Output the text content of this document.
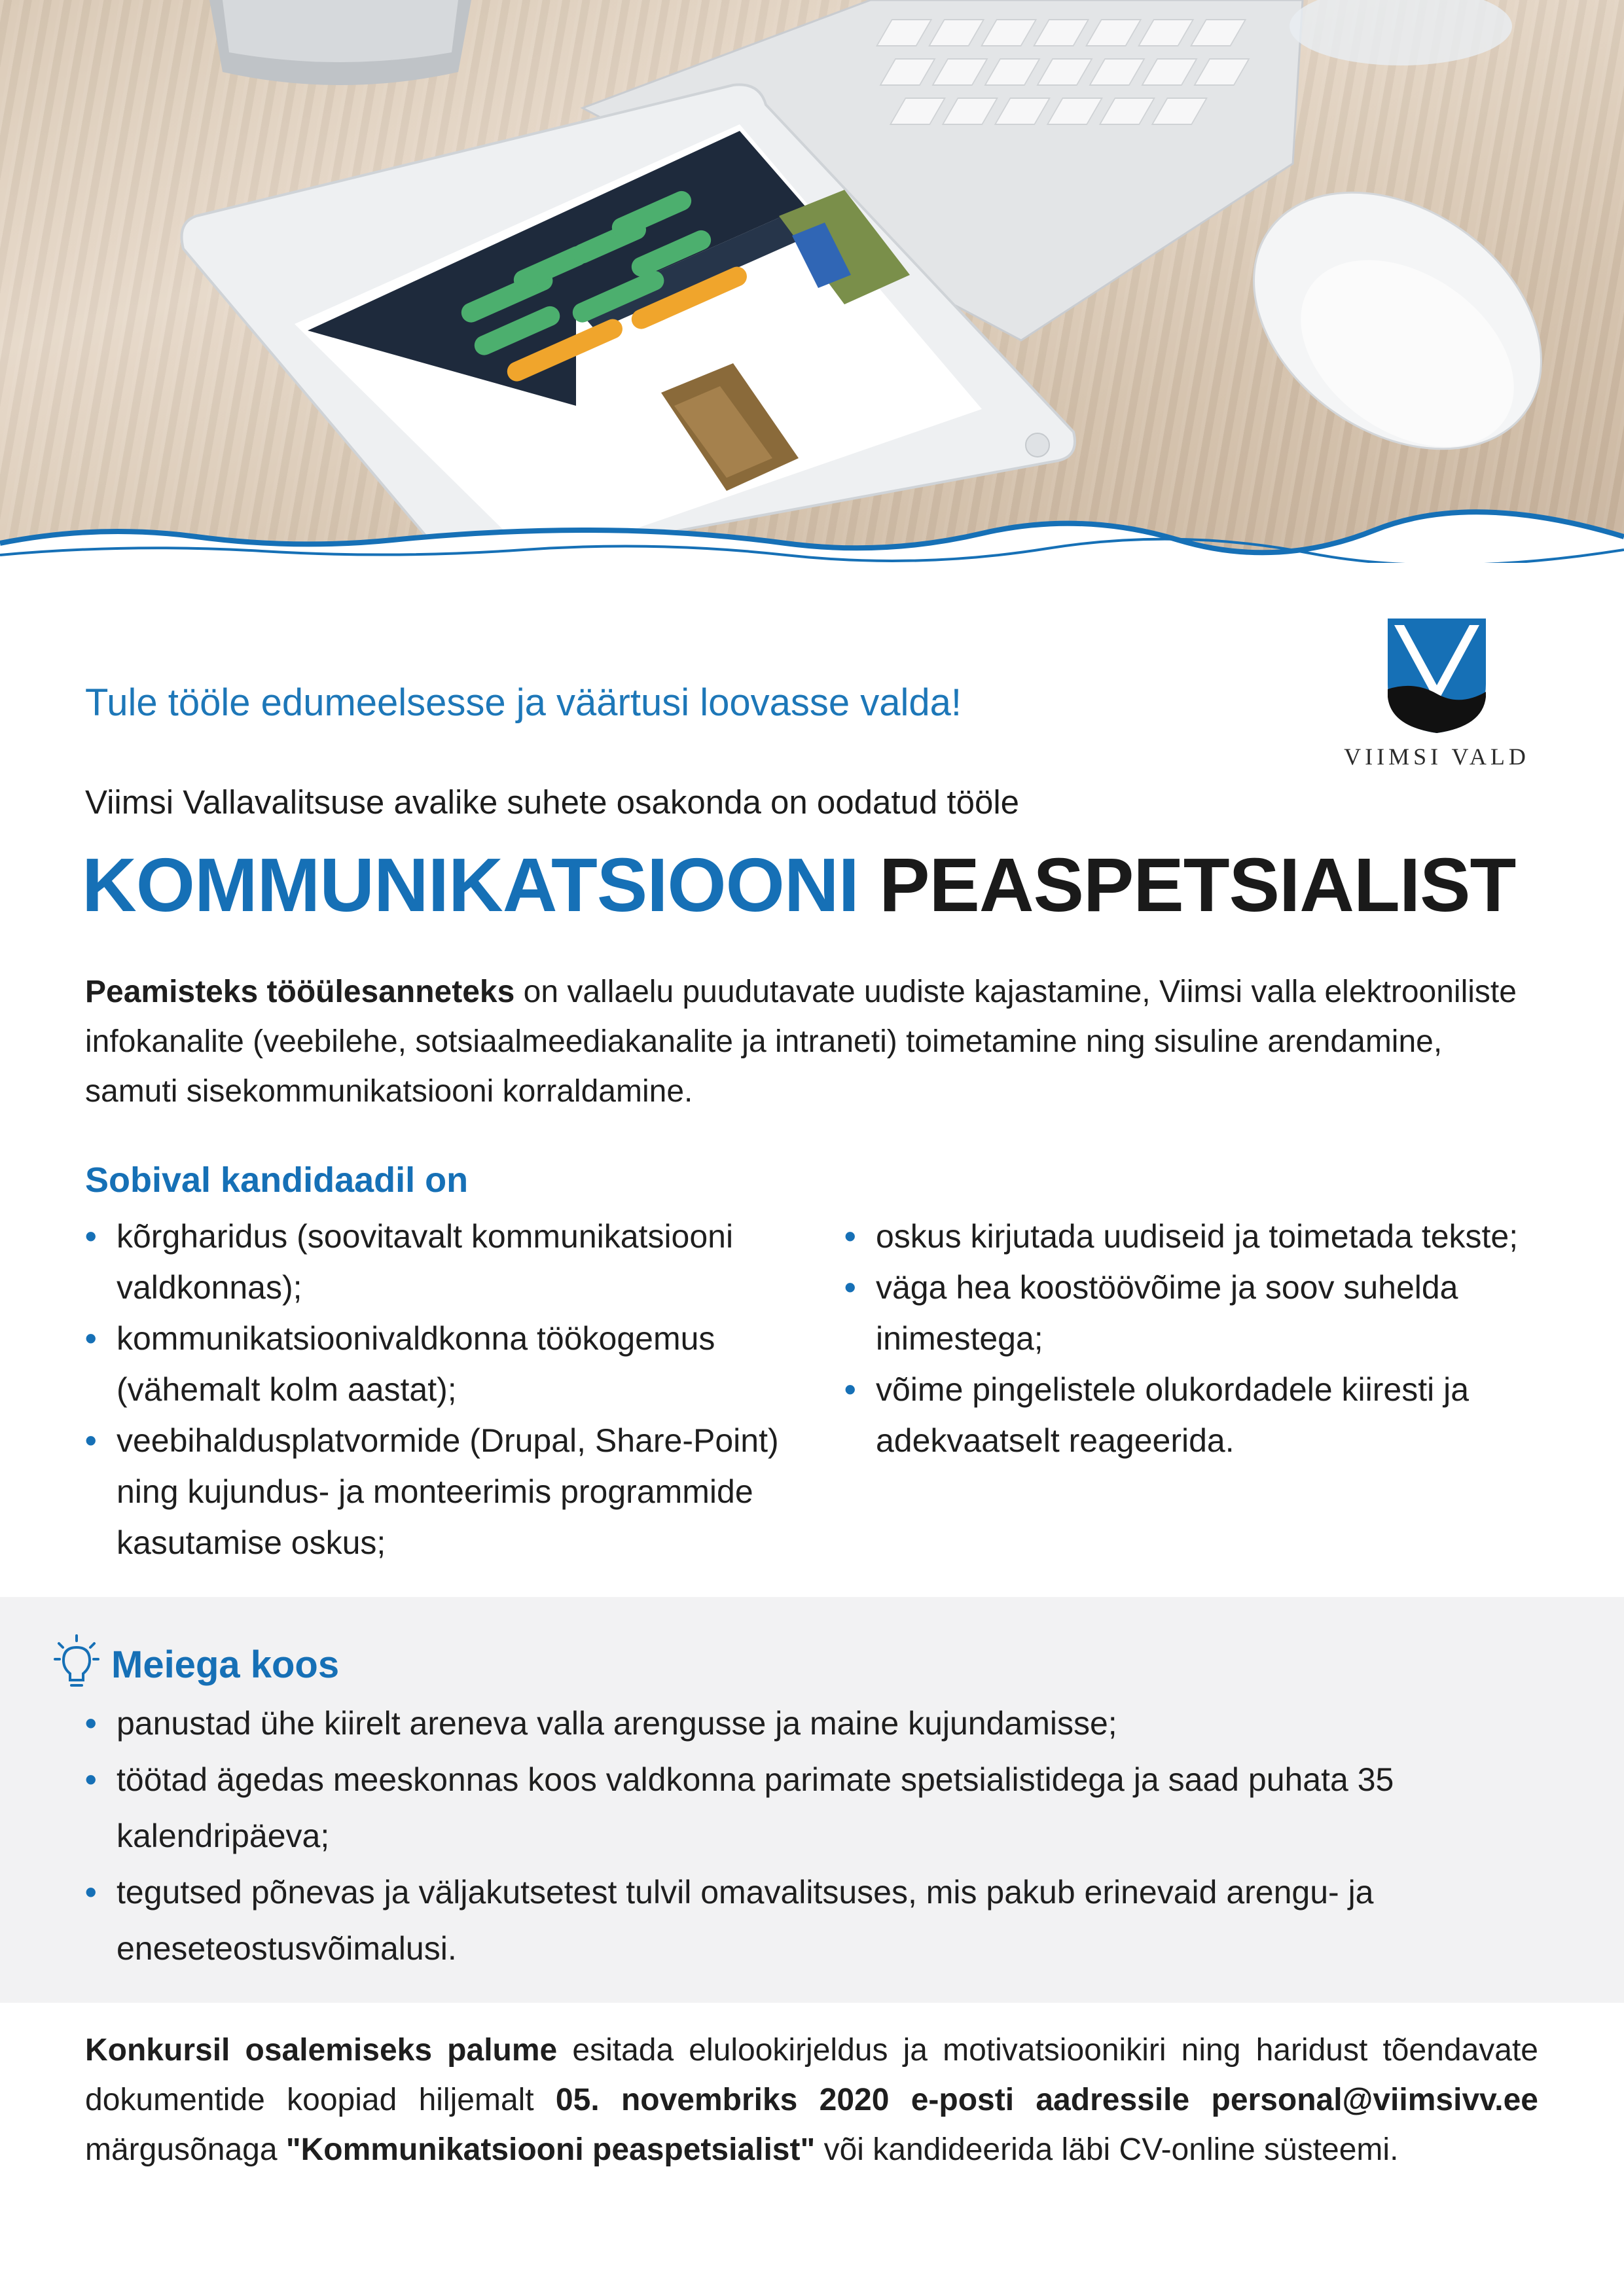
VIIMSI VALD
Tule tööle edumeelsesse ja väärtusi loovasse valda!
Viimsi Vallavalitsuse avalike suhete osakonda on oodatud tööle
KOMMUNIKATSIOONI PEASPETSIALIST
Peamisteks tööülesanneteks on vallaelu puudutavate uudiste kajastamine, Viimsi valla elektrooniliste infokanalite (veebilehe, sotsiaalmeediakanalite ja intraneti) toimetamine ning sisuline arendamine, samuti sisekommunikatsiooni korraldamine.
Sobival kandidaadil on
• kõrgharidus (soovitavalt kommunikatsiooni valdkonnas);
• kommunikatsioonivaldkonna töökogemus (vähemalt kolm aastat);
• veebihaldusplatvormide (Drupal, Share-Point) ning kujundus- ja monteerimis programmide kasutamise oskus;
• oskus kirjutada uudiseid ja toimetada tekste;
• väga hea koostöövõime ja soov suhelda inimestega;
• võime pingelistele olukordadele kiiresti ja adekvaatselt reageerida.
Meiega koos
• panustad ühe kiirelt areneva valla arengusse ja maine kujundamisse;
• töötad ägedas meeskonnas koos valdkonna parimate spetsialistidega ja saad puhata 35 kalendripäeva;
• tegutsed põnevas ja väljakutsetest tulvil omavalitsuses, mis pakub erinevaid arengu- ja eneseteostusvõimalusi.
Konkursil osalemiseks palume esitada elulookirjeldus ja motivatsioonikiri ning haridust tõendavate dokumentide koopiad hiljemalt 05. novembriks 2020 e-posti aadressile personal@viimsivv.ee märgusõnaga "Kommunikatsiooni peaspetsialist" või kandideerida läbi CV-online süsteemi.
